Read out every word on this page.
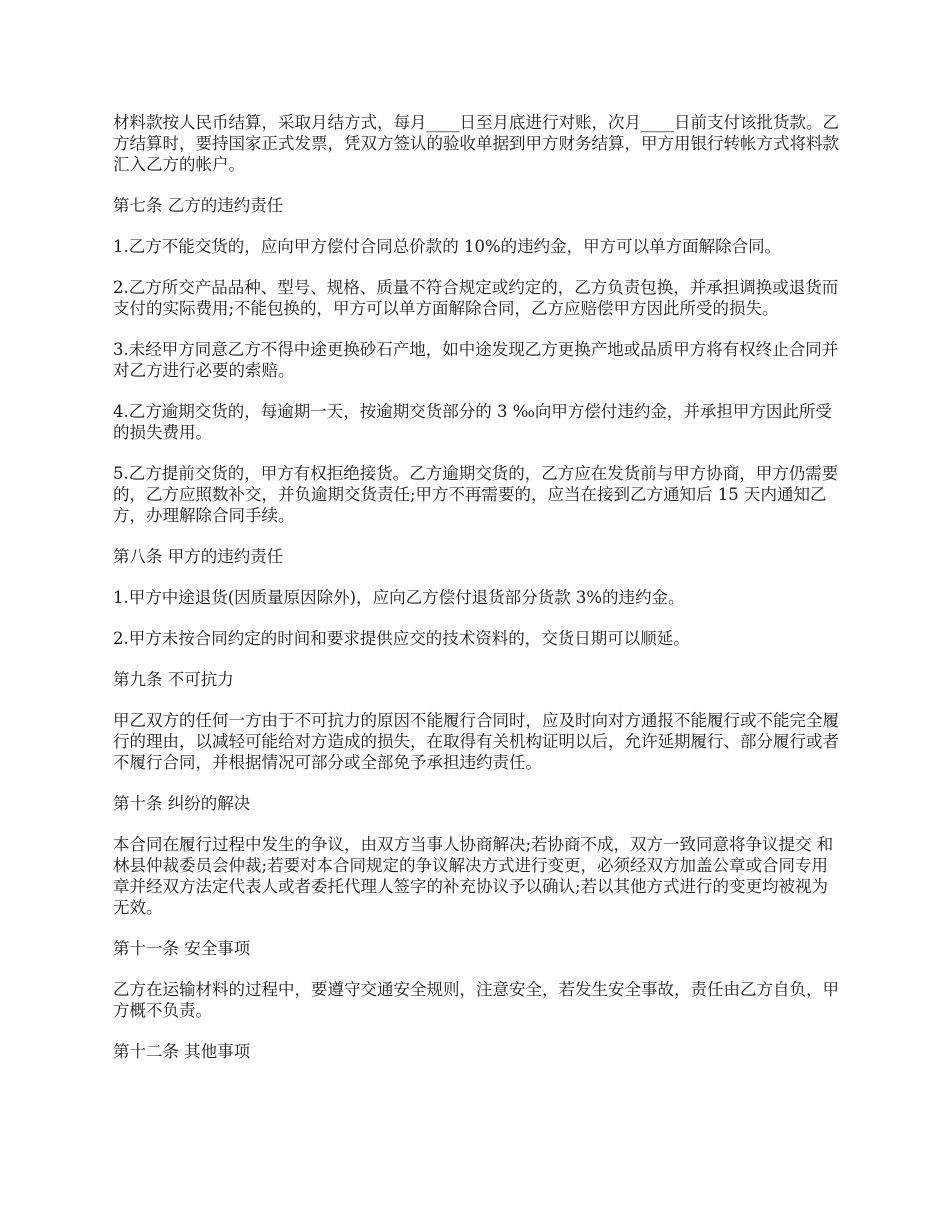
材料款按人民币结算，采取月结方式，每月____日至月底进行对账，次月____日前支付该批货款。乙方结算时，要持国家正式发票，凭双方签认的验收单据到甲方财务结算，甲方用银行转帐方式将料款汇入乙方的帐户。

第七条 乙方的违约责任

1.乙方不能交货的，应向甲方偿付合同总价款的 10%的违约金，甲方可以单方面解除合同。

2.乙方所交产品品种、型号、规格、质量不符合规定或约定的，乙方负责包换，并承担调换或退货而支付的实际费用;不能包换的，甲方可以单方面解除合同，乙方应赔偿甲方因此所受的损失。

3.未经甲方同意乙方不得中途更换砂石产地，如中途发现乙方更换产地或品质甲方将有权终止合同并对乙方进行必要的索赔。

4.乙方逾期交货的，每逾期一天，按逾期交货部分的 3 ‰向甲方偿付违约金，并承担甲方因此所受的损失费用。

5.乙方提前交货的，甲方有权拒绝接货。乙方逾期交货的，乙方应在发货前与甲方协商，甲方仍需要的，乙方应照数补交，并负逾期交货责任;甲方不再需要的，应当在接到乙方通知后 15 天内通知乙方，办理解除合同手续。

第八条 甲方的违约责任

1.甲方中途退货(因质量原因除外)，应向乙方偿付退货部分货款 3%的违约金。

2.甲方未按合同约定的时间和要求提供应交的技术资料的，交货日期可以顺延。

第九条 不可抗力

甲乙双方的任何一方由于不可抗力的原因不能履行合同时，应及时向对方通报不能履行或不能完全履行的理由，以减轻可能给对方造成的损失，在取得有关机构证明以后，允许延期履行、部分履行或者不履行合同，并根据情况可部分或全部免予承担违约责任。

第十条 纠纷的解决

本合同在履行过程中发生的争议，由双方当事人协商解决;若协商不成，双方一致同意将争议提交 和林县仲裁委员会仲裁;若要对本合同规定的争议解决方式进行变更，必须经双方加盖公章或合同专用章并经双方法定代表人或者委托代理人签字的补充协议予以确认;若以其他方式进行的变更均被视为无效。

第十一条 安全事项

乙方在运输材料的过程中，要遵守交通安全规则，注意安全，若发生安全事故，责任由乙方自负，甲方概不负责。

第十二条 其他事项
